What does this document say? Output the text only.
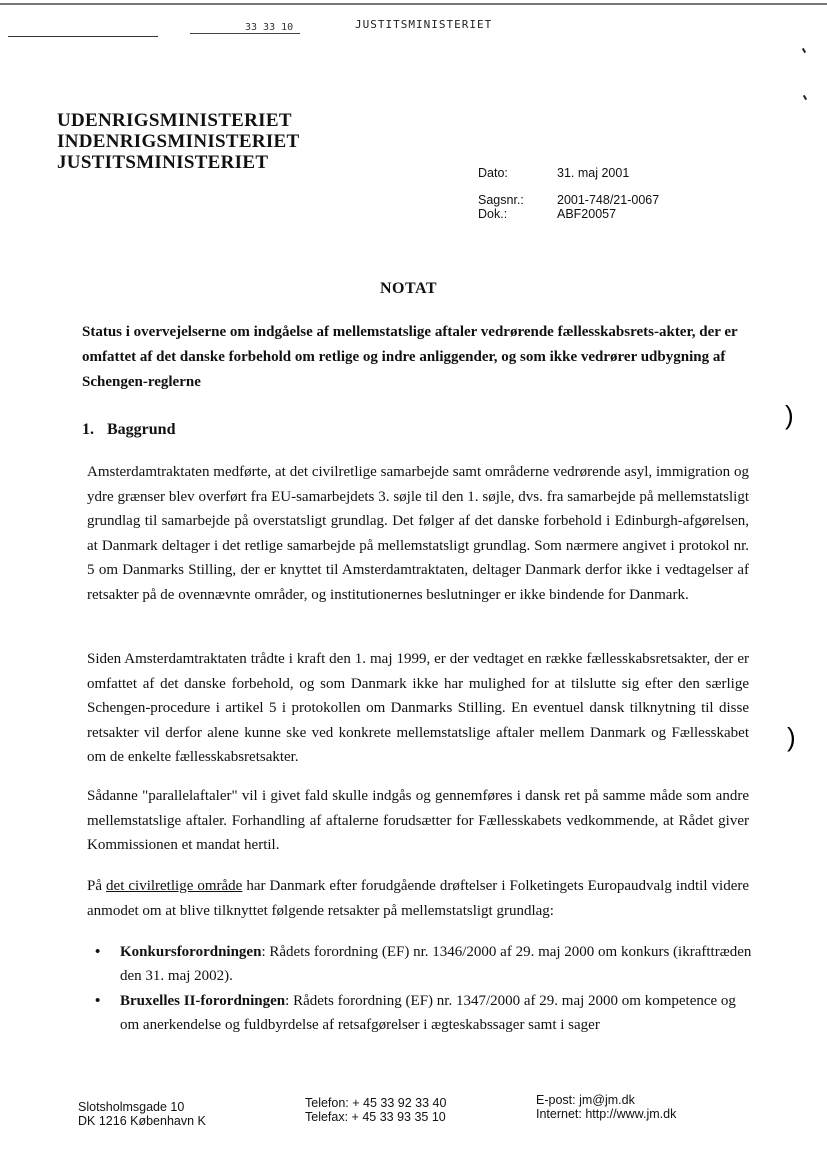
33 33 10	JUSTITSMINISTERIET
UDENRIGSMINISTERIET
INDENRIGSMINISTERIET
JUSTITSMINISTERIET	Dato:	31. maj 2001
Sagsnr.:	2001-748/21-0067
Dok.:	ABF20057
NOTAT
Status i overvejelserne om indgåelse af mellemstatslige aftaler vedrørende fællesskabsrets-akter, der er omfattet af det danske forbehold om retlige og indre anliggender, og som ikke vedrører udbygning af Schengen-reglerne
1. Baggrund
Amsterdamtraktaten medførte, at det civilretlige samarbejde samt områderne vedrørende asyl, immigration og ydre grænser blev overført fra EU-samarbejdets 3. søjle til den 1. søjle, dvs. fra samarbejde på mellemstatsligt grundlag til samarbejde på overstatsligt grundlag. Det følger af det danske forbehold i Edinburgh-afgørelsen, at Danmark deltager i det retlige samarbejde på mellemstatsligt grundlag. Som nærmere angivet i protokol nr. 5 om Danmarks Stilling, der er knyttet til Amsterdamtraktaten, deltager Danmark derfor ikke i vedtagelser af retsakter på de ovennævnte områder, og institutionernes beslutninger er ikke bindende for Danmark.
Siden Amsterdamtraktaten trådte i kraft den 1. maj 1999, er der vedtaget en række fællesskabsretsakter, der er omfattet af det danske forbehold, og som Danmark ikke har mulighed for at tilslutte sig efter den særlige Schengen-procedure i artikel 5 i protokollen om Danmarks Stilling. En eventuel dansk tilknytning til disse retsakter vil derfor alene kunne ske ved konkrete mellemstatslige aftaler mellem Danmark og Fællesskabet om de enkelte fællesskabsretsakter.
Sådanne "parallelaftaler" vil i givet fald skulle indgås og gennemføres i dansk ret på samme måde som andre mellemstatslige aftaler. Forhandling af aftalerne forudsætter for Fællesskabets vedkommende, at Rådet giver Kommissionen et mandat hertil.
På det civilretlige område har Danmark efter forudgående drøftelser i Folketingets Europaudvalg indtil videre anmodet om at blive tilknyttet følgende retsakter på mellemstatsligt grundlag:
• Konkursforordningen: Rådets forordning (EF) nr. 1346/2000 af 29. maj 2000 om konkurs (ikrafttræden den 31. maj 2002).
• Bruxelles II-forordningen: Rådets forordning (EF) nr. 1347/2000 af 29. maj 2000 om kompetence og om anerkendelse og fuldbyrdelse af retsafgørelser i ægteskabssager samt i sager
Slotsholmsgade 10
DK 1216 København K
Telefon: + 45 33 92 33 40
Telefax: + 45 33 93 35 10
E-post: jm@jm.dk
Internet: http://www.jm.dk
)
)
